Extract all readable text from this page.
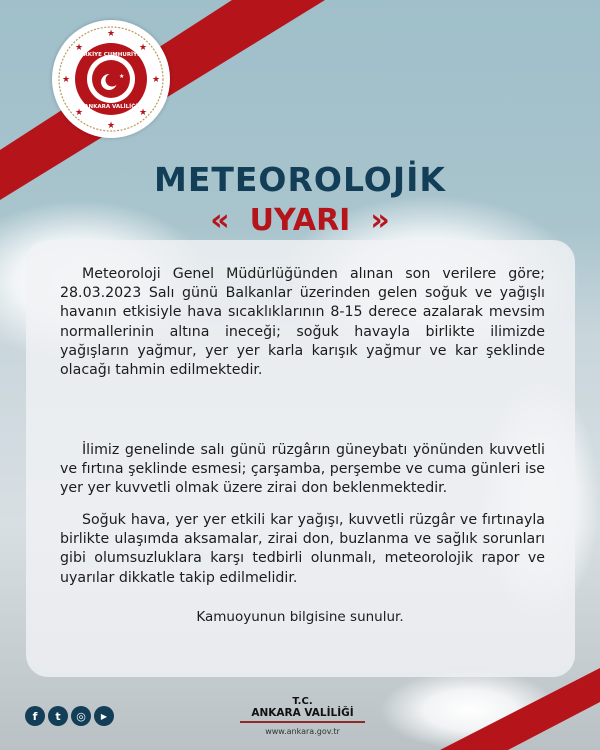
★
★
★	★
★	★
★	★
★
TÜRKİYE CUMHURİYETİ
ANKARA VALİLİĞİ
METEOROLOJİK
« UYARI »

Meteoroloji Genel Müdürlüğünden alınan son verilere göre; 28.03.2023 Salı günü Balkanlar üzerinden gelen soğuk ve yağışlı havanın etkisiyle hava sıcaklıklarının 8-15 derece azalarak mevsim normallerinin altına ineceği; soğuk havayla birlikte ilimizde yağışların yağmur, yer yer karla karışık yağmur ve kar şeklinde olacağı tahmin edilmektedir.

İlimiz genelinde salı günü rüzgârın güneybatı yönünden kuvvetli ve fırtına şeklinde esmesi; çarşamba, perşembe ve cuma günleri ise yer yer kuvvetli olmak üzere zirai don beklenmektedir.

Soğuk hava, yer yer etkili kar yağışı, kuvvetli rüzgâr ve fırtınayla birlikte ulaşımda aksamalar, zirai don, buzlanma ve sağlık sorunları gibi olumsuzluklara karşı tedbirli olunmalı, meteorolojik rapor ve uyarılar dikkatle takip edilmelidir.

Kamuoyunun bilgisine sunulur.
f	t	◎	▶
T.C.
ANKARA VALİLİĞİ
www.ankara.gov.tr
